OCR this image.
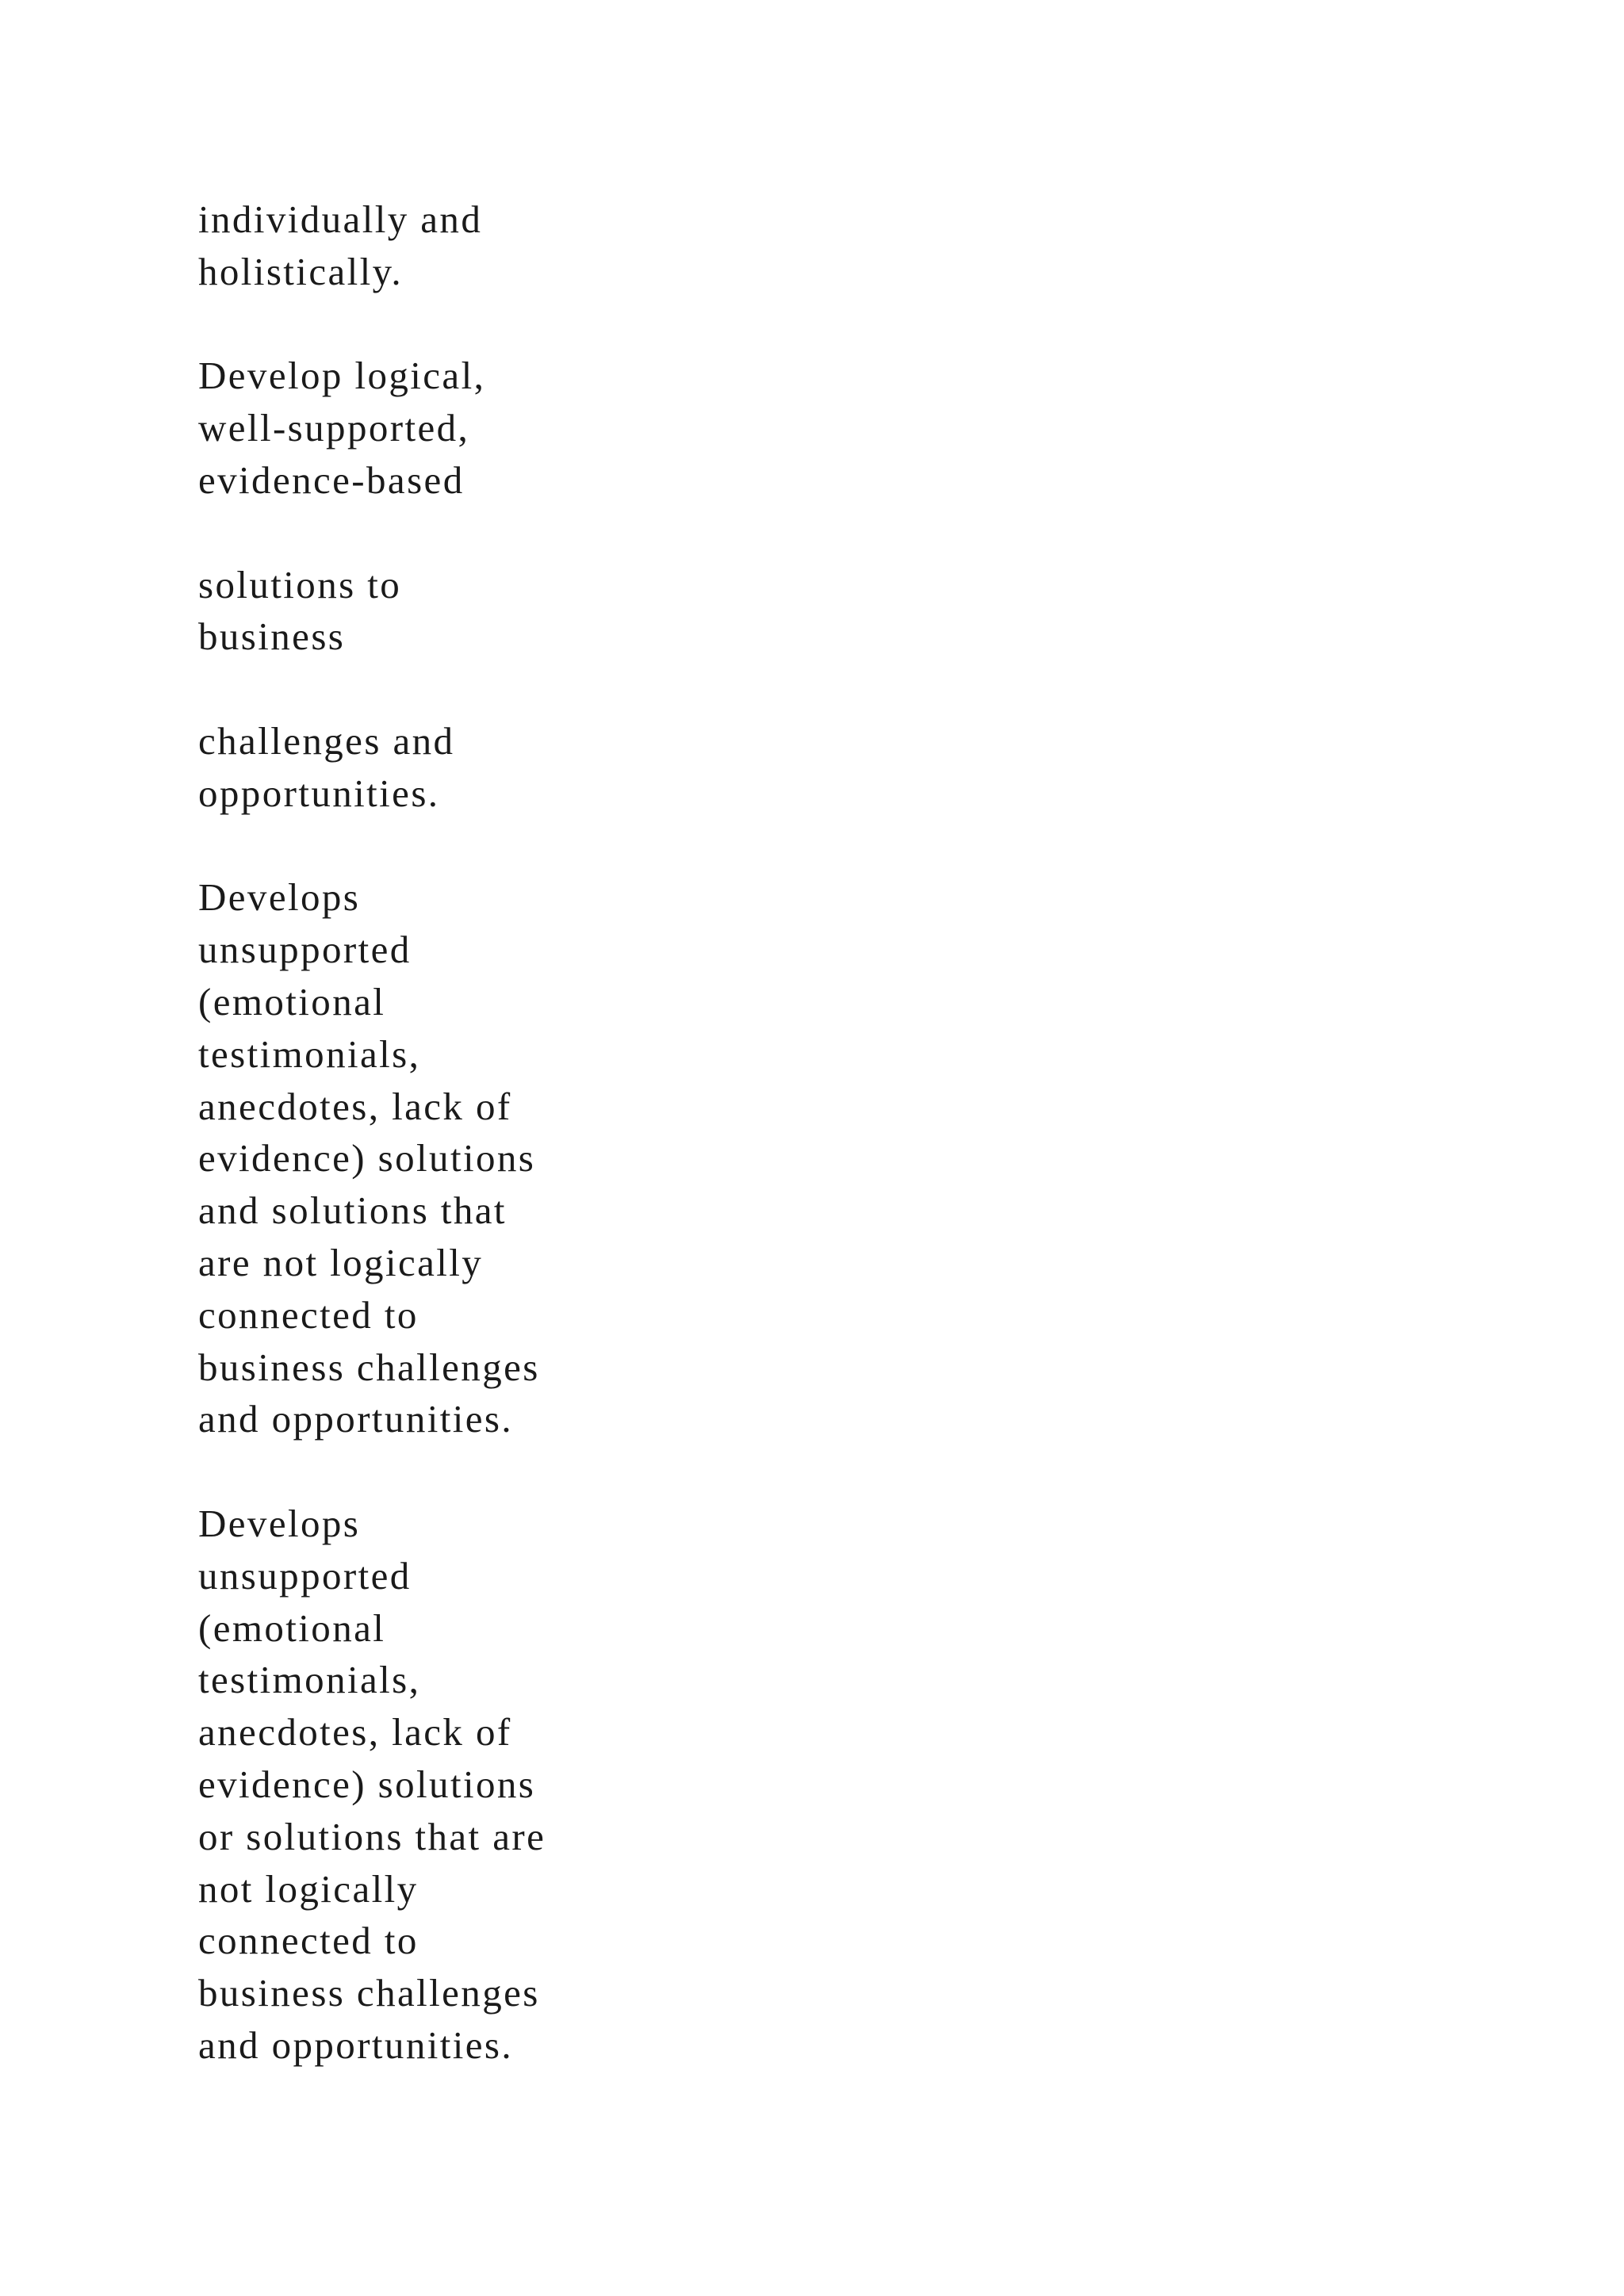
individually and
holistically.

Develop logical,
well-supported,
evidence-based

solutions to
business

challenges and
opportunities.

Develops
unsupported
(emotional
testimonials,
anecdotes, lack of
evidence) solutions
and solutions that
are not logically
connected to
business challenges
and opportunities.

Develops
unsupported
(emotional
testimonials,
anecdotes, lack of
evidence) solutions
or solutions that are
not logically
connected to
business challenges
and opportunities.
